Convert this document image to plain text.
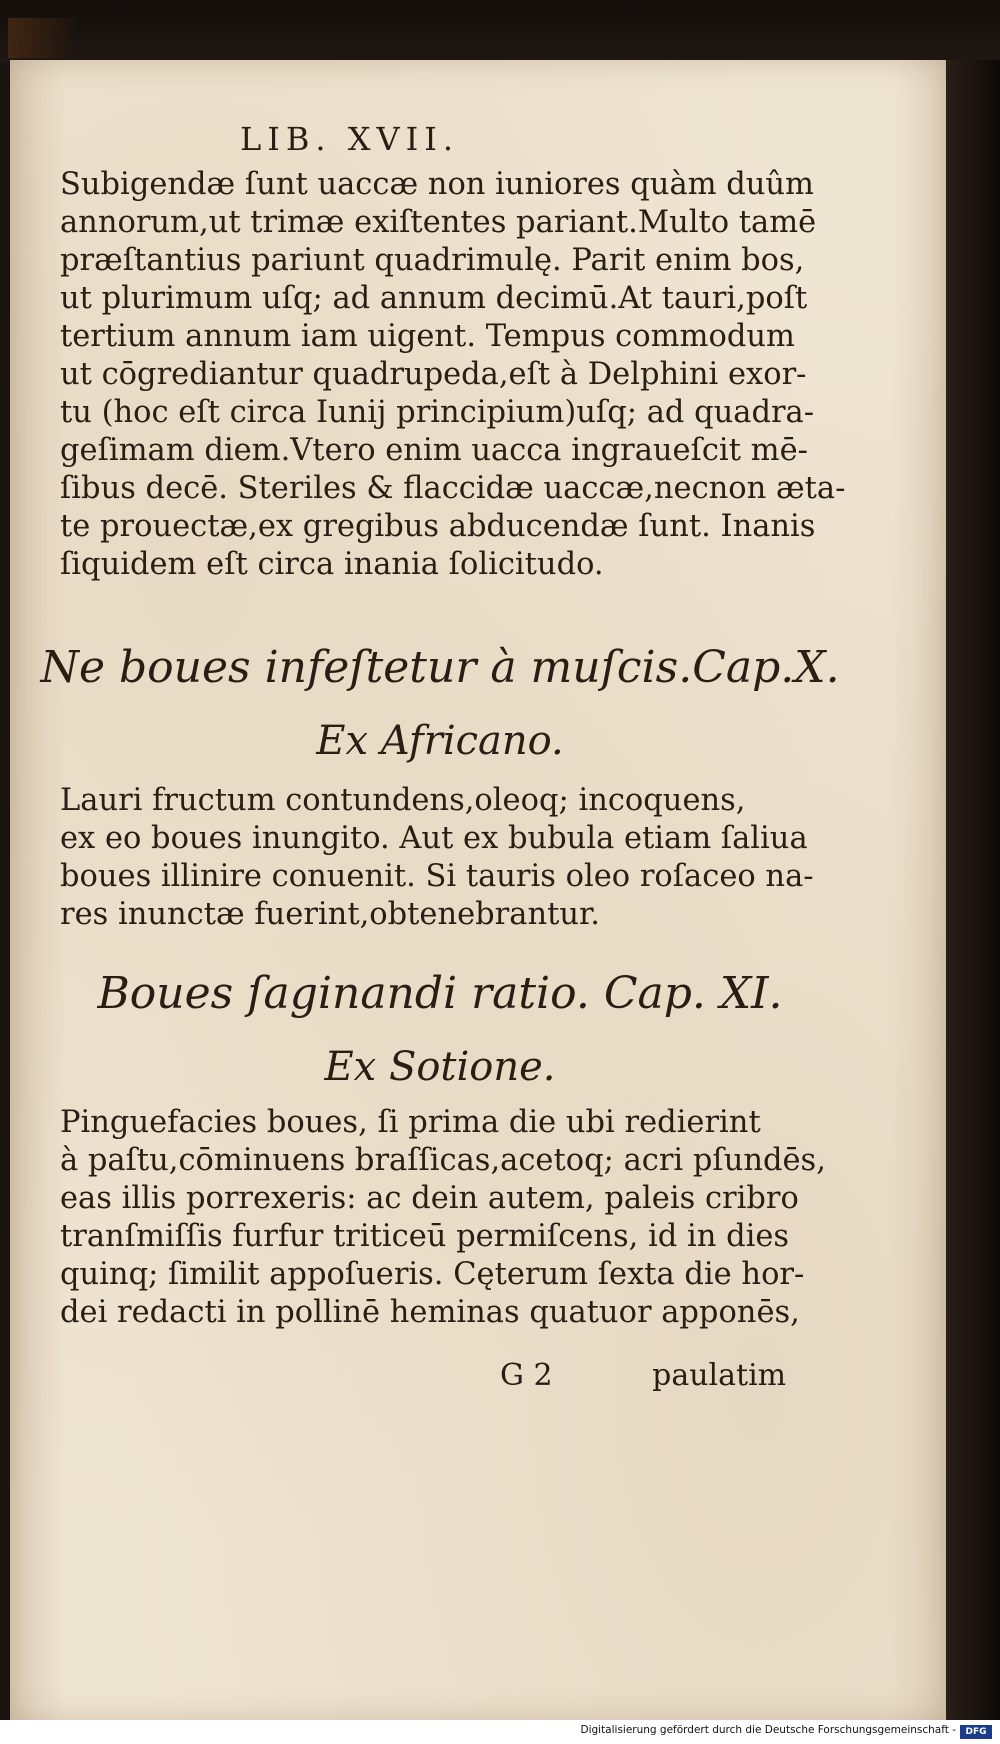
LIB. XVII.
Subigendæ ſunt uaccæ non iuniores quàm duûm
annorum,ut trimæ exiſtentes pariant.Multo tamē
præſtantius pariunt quadrimulę. Parit enim bos,
ut plurimum uſq; ad annum decimū.At tauri,poſt
tertium annum iam uigent. Tempus commodum
ut cōgrediantur quadrupeda,eſt à Delphini exor-
tu (hoc eſt circa Iunij principium)uſq; ad quadra-
geſimam diem.Vtero enim uacca ingraueſcit mē-
ſibus decē. Steriles & flaccidæ uaccæ,necnon æta-
te prouectæ,ex gregibus abducendæ ſunt. Inanis
ſiquidem eſt circa inania ſolicitudo.
Ne boues infeſtetur à muſcis.Cap.X.
Ex Africano.
Lauri fructum contundens,oleoq; incoquens,
ex eo boues inungito. Aut ex bubula etiam ſaliua
boues illinire conuenit. Si tauris oleo roſaceo na-
res inunctæ fuerint,obtenebrantur.
Boues ſaginandi ratio. Cap. XI.
Ex Sotione.
Pinguefacies boues, ſi prima die ubi redierint
à paſtu,cōminuens braſſicas,acetoq; acri pſundēs,
eas illis porrexeris: ac dein autem, paleis cribro
tranſmiſſis furfur triticeū permiſcens, id in dies
quinq; ſimilit appoſueris. Cęterum ſexta die hor-
dei redacti in pollinē heminas quatuor apponēs,
G 2	paulatim
Digitalisierung gefördert durch die Deutsche Forschungsgemeinschaft -	DFG
